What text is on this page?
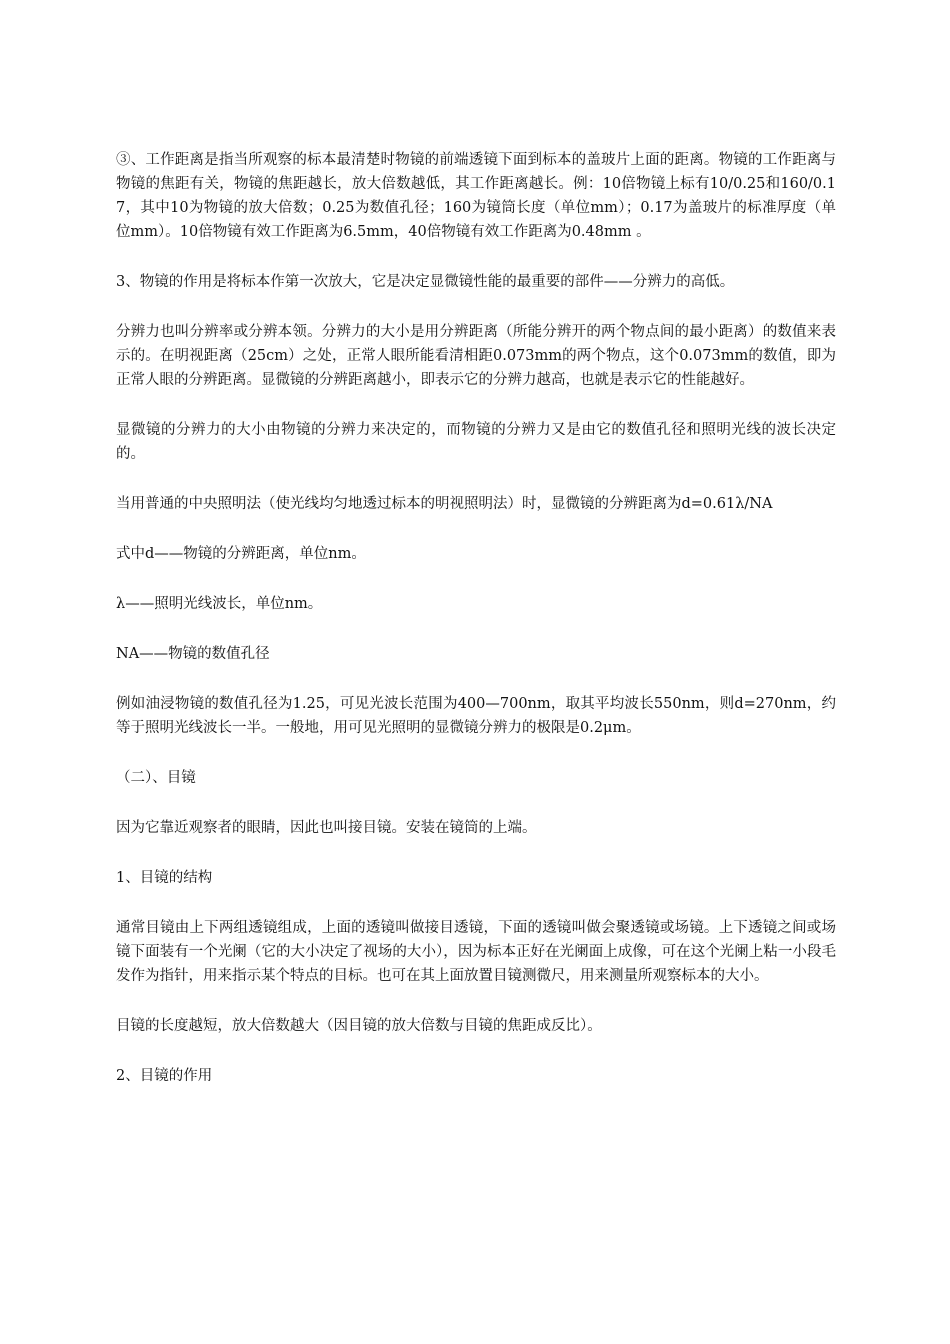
③、工作距离是指当所观察的标本最清楚时物镜的前端透镜下面到标本的盖玻片上面的距离。物镜的工作距离与物镜的焦距有关，物镜的焦距越长，放大倍数越低，其工作距离越长。例：10倍物镜上标有10/0.25和160/0.17，其中10为物镜的放大倍数；0.25为数值孔径；160为镜筒长度（单位mm）；0.17为盖玻片的标准厚度（单位mm）。10倍物镜有效工作距离为6.5mm，40倍物镜有效工作距离为0.48mm 。

3、物镜的作用是将标本作第一次放大，它是决定显微镜性能的最重要的部件——分辨力的高低。

分辨力也叫分辨率或分辨本领。分辨力的大小是用分辨距离（所能分辨开的两个物点间的最小距离）的数值来表示的。在明视距离（25cm）之处，正常人眼所能看清相距0.073mm的两个物点，这个0.073mm的数值，即为正常人眼的分辨距离。显微镜的分辨距离越小，即表示它的分辨力越高，也就是表示它的性能越好。

显微镜的分辨力的大小由物镜的分辨力来决定的，而物镜的分辨力又是由它的数值孔径和照明光线的波长决定的。

当用普通的中央照明法（使光线均匀地透过标本的明视照明法）时，显微镜的分辨距离为d=0.61λ/NA

式中d——物镜的分辨距离，单位nm。

λ——照明光线波长，单位nm。

NA——物镜的数值孔径

例如油浸物镜的数值孔径为1.25，可见光波长范围为400—700nm，取其平均波长550nm，则d=270nm，约等于照明光线波长一半。一般地，用可见光照明的显微镜分辨力的极限是0.2μm。

（二）、目镜

因为它靠近观察者的眼睛，因此也叫接目镜。安装在镜筒的上端。

1、目镜的结构

通常目镜由上下两组透镜组成，上面的透镜叫做接目透镜，下面的透镜叫做会聚透镜或场镜。上下透镜之间或场镜下面装有一个光阑（它的大小决定了视场的大小），因为标本正好在光阑面上成像，可在这个光阑上粘一小段毛发作为指针，用来指示某个特点的目标。也可在其上面放置目镜测微尺，用来测量所观察标本的大小。

目镜的长度越短，放大倍数越大（因目镜的放大倍数与目镜的焦距成反比）。

2、目镜的作用
